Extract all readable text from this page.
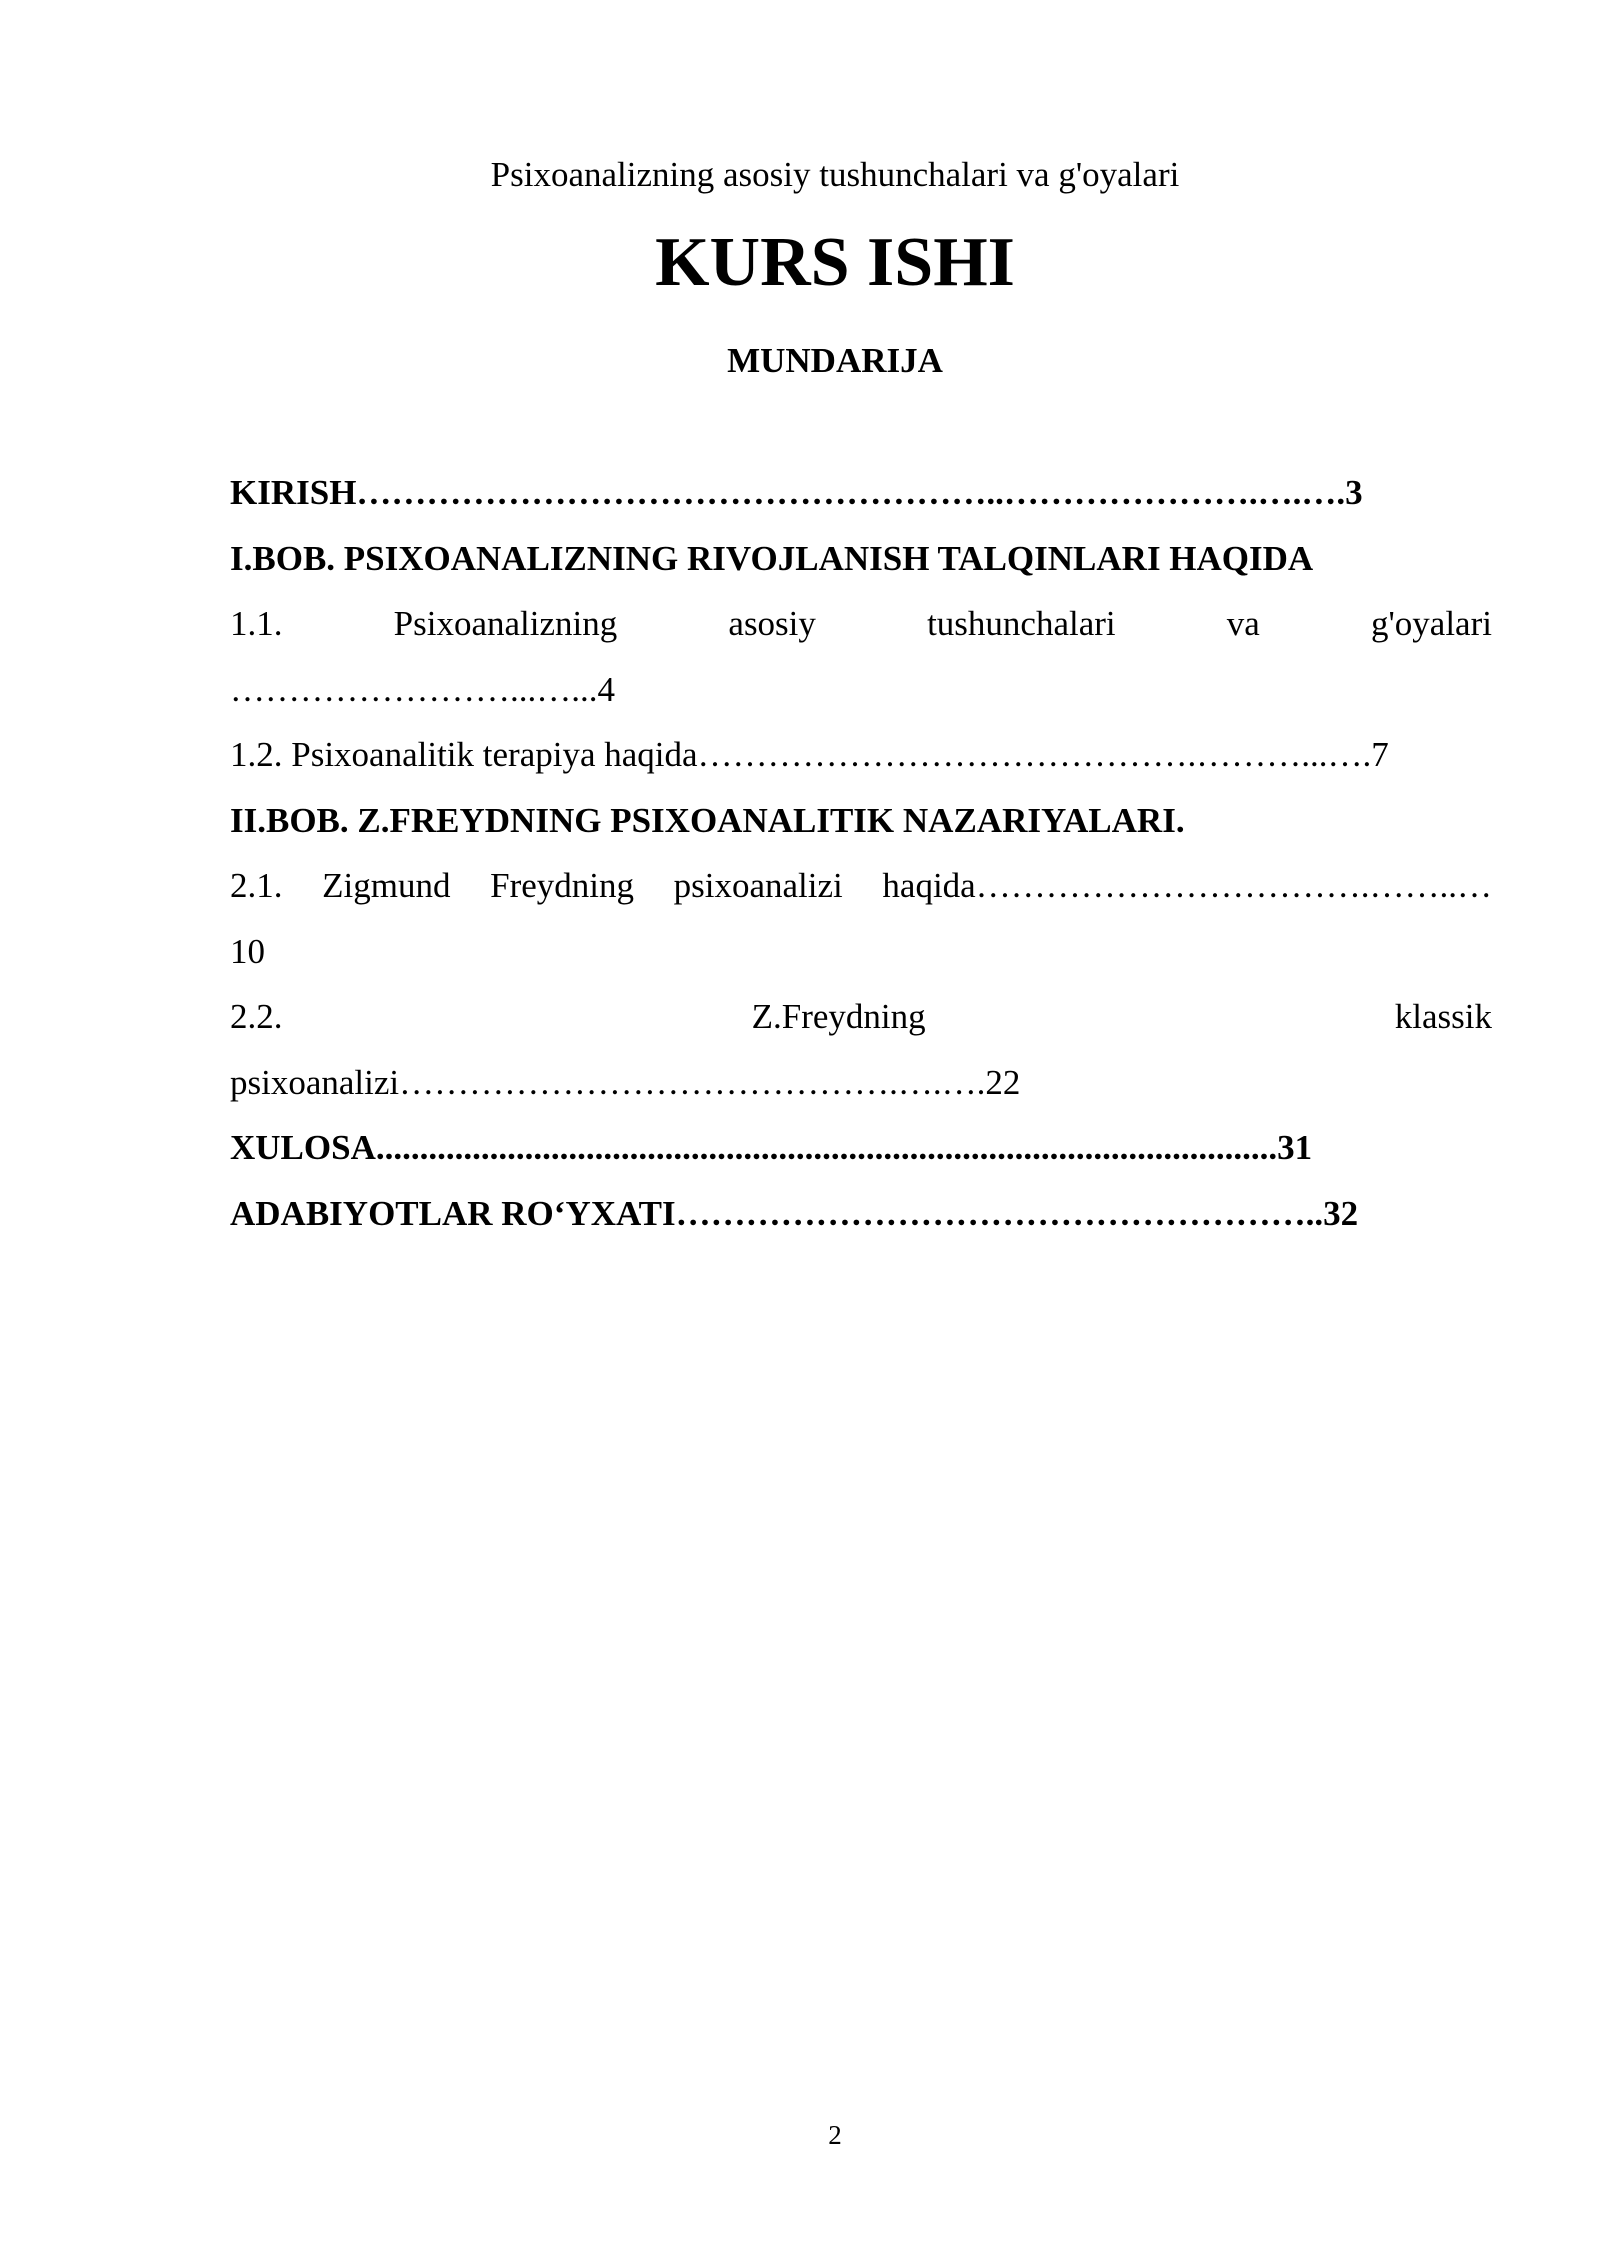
Psixoanalizning asosiy tushunchalari va g'oyalari
KURS ISHI
MUNDARIJA
KIRISH………………………………………………..………………….….….3
I.BOB. PSIXOANALIZNING RIVOJLANISH TALQINLARI HAQIDA
1.1.	Psixoanalizning	asosiy	tushunchalari	va	g'oyalari
……………………...…...4
1.2. Psixoanalitik terapiya haqida…………………………………….………...….7
II.BOB. Z.FREYDNING PSIXOANALITIK NAZARIYALARI.
2.1. Zigmund Freydning psixoanalizi haqida…………………………….……..…
10
2.2.	Z.Freydning	klassik
psixoanalizi…………………………………….….….22
XULOSA.......................................................................................................31
ADABIYOTLAR RO‘YXATI………………………………………………..32
2
